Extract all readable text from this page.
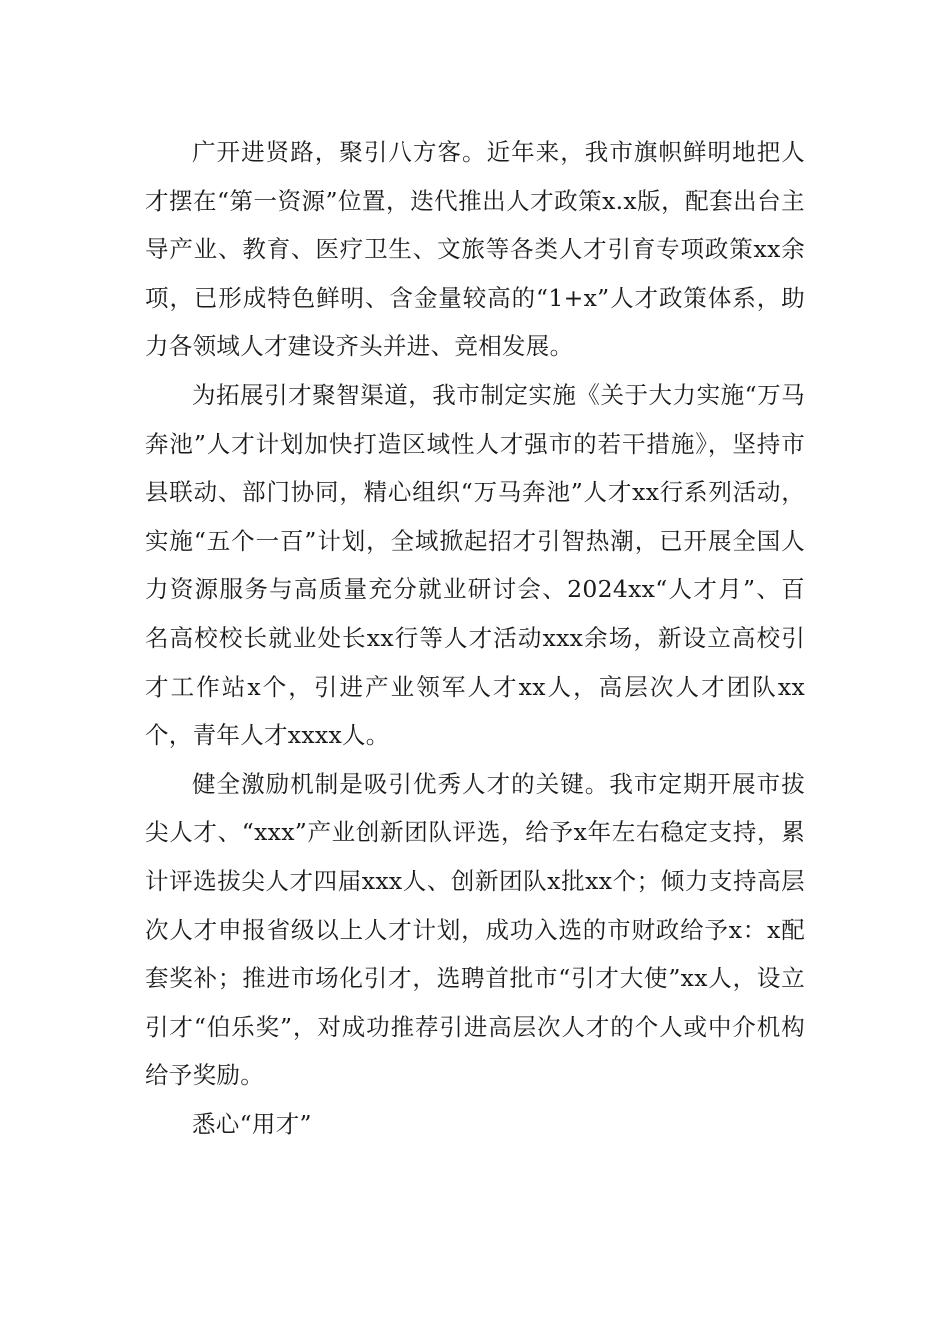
广开进贤路，聚引八方客。近年来，我市旗帜鲜明地把人才摆在“第一资源”位置，迭代推出人才政策x.x版，配套出台主导产业、教育、医疗卫生、文旅等各类人才引育专项政策xx余项，已形成特色鲜明、含金量较高的“1+x”人才政策体系，助力各领域人才建设齐头并进、竞相发展。

为拓展引才聚智渠道，我市制定实施《关于大力实施“万马奔池”人才计划加快打造区域性人才强市的若干措施》，坚持市县联动、部门协同，精心组织“万马奔池”人才xx行系列活动，实施“五个一百”计划，全域掀起招才引智热潮，已开展全国人力资源服务与高质量充分就业研讨会、2024xx“人才月”、百名高校校长就业处长xx行等人才活动xxx余场，新设立高校引才工作站x个，引进产业领军人才xx人，高层次人才团队xx个，青年人才xxxx人。

健全激励机制是吸引优秀人才的关键。我市定期开展市拔尖人才、“xxx”产业创新团队评选，给予x年左右稳定支持，累计评选拔尖人才四届xxx人、创新团队x批xx个；倾力支持高层次人才申报省级以上人才计划，成功入选的市财政给予x：x配套奖补；推进市场化引才，选聘首批市“引才大使”xx人，设立引才“伯乐奖”，对成功推荐引进高层次人才的个人或中介机构给予奖励。

悉心“用才”
